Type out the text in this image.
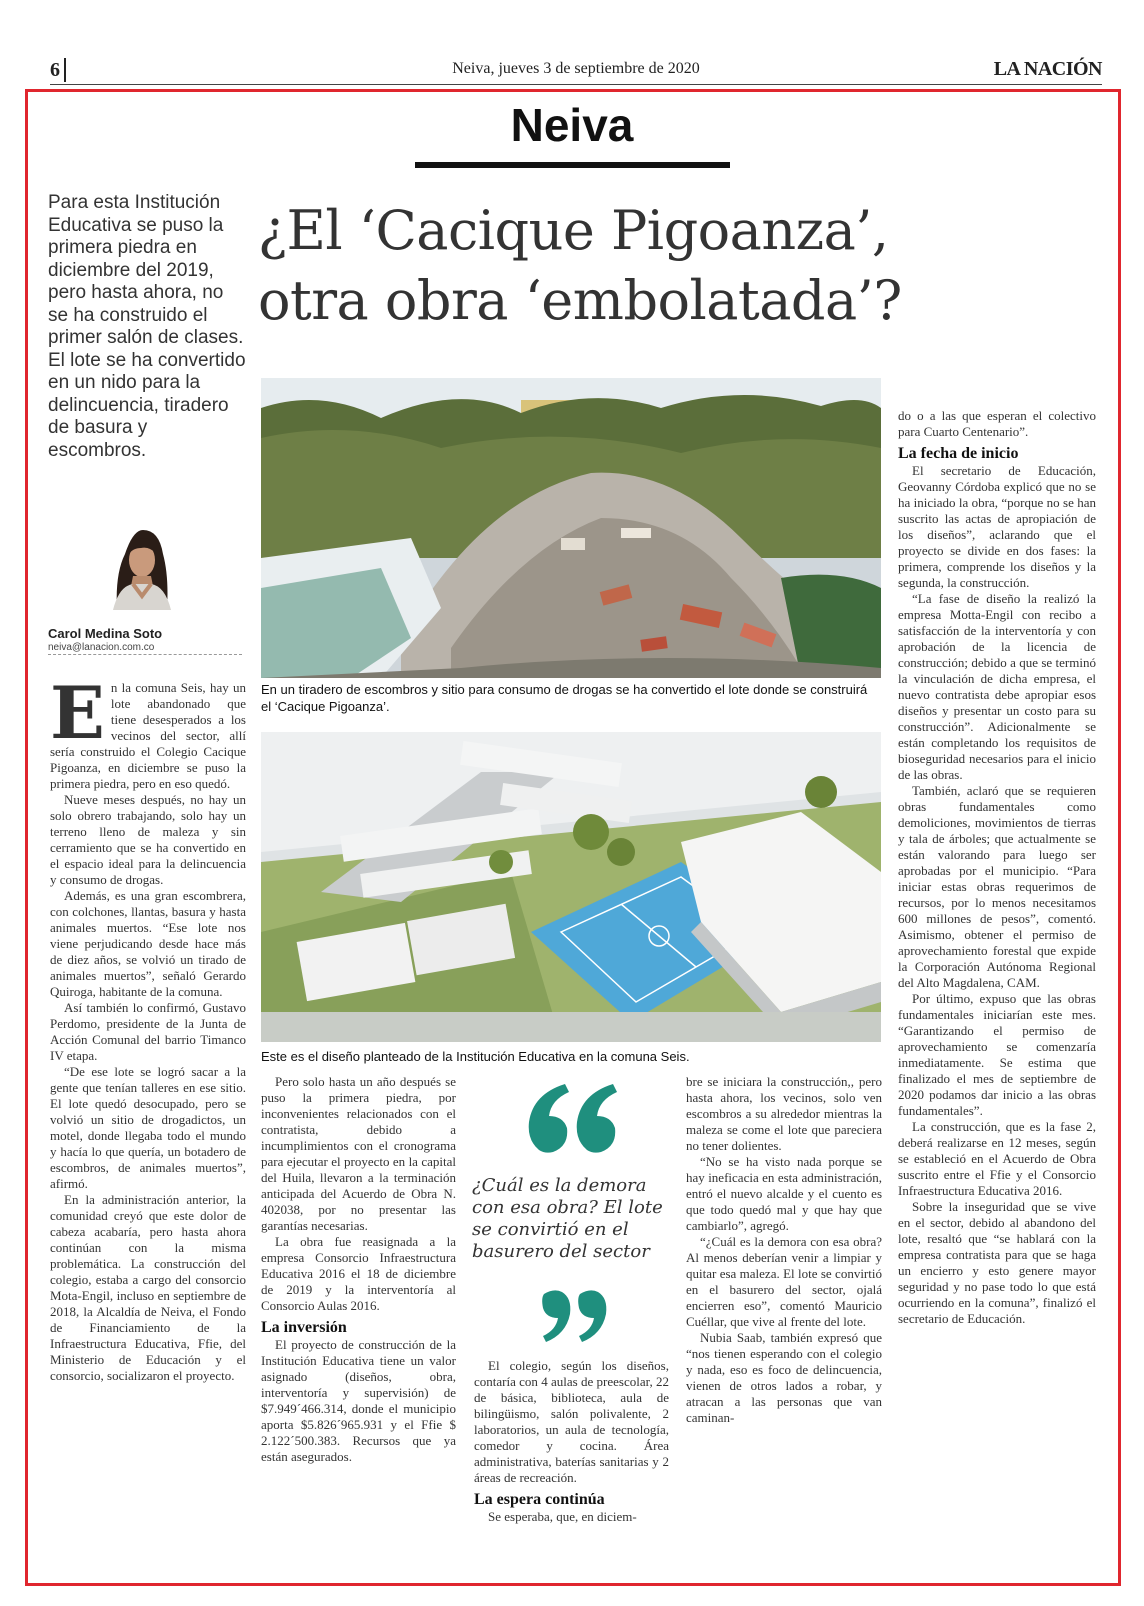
6	Neiva, jueves 3 de septiembre de 2020	LA NACIÓN
Neiva
Para esta Institución Educativa se puso la primera piedra en diciembre del 2019, pero hasta ahora, no se ha construido el primer salón de clases. El lote se ha convertido en un nido para la delincuencia, tiradero de basura y escombros.
Carol Medina Soto
neiva@lanacion.com.co
¿El ‘Cacique Pigoanza’,
otra obra ‘embolatada’?
En un tiradero de escombros y sitio para consumo de drogas se ha convertido el lote donde se construirá el ‘Cacique Pigoanza’.
Este es el diseño planteado de la Institución Educativa en la comuna Seis.
E n la comuna Seis, hay un lote abandonado que tiene desesperados a los vecinos del sector, allí sería construido el Colegio Cacique Pigoanza, en diciembre se puso la primera piedra, pero en eso quedó.

Nueve meses después, no hay un solo obrero trabajando, solo hay un terreno lleno de maleza y sin cerramiento que se ha convertido en el espacio ideal para la delincuencia y consumo de drogas.

Además, es una gran escombrera, con colchones, llantas, basura y hasta animales muertos. “Ese lote nos viene perjudicando desde hace más de diez años, se volvió un tirado de animales muertos”, señaló Gerardo Quiroga, habitante de la comuna.

Así también lo confirmó, Gustavo Perdomo, presidente de la Junta de Acción Comunal del barrio Timanco IV etapa.

“De ese lote se logró sacar a la gente que tenían talleres en ese sitio. El lote quedó desocupado, pero se volvió un sitio de drogadictos, un motel, donde llegaba todo el mundo y hacía lo que quería, un botadero de escombros, de animales muertos”, afirmó.

En la administración anterior, la comunidad creyó que este dolor de cabeza acabaría, pero hasta ahora continúan con la misma problemática. La construcción del colegio, estaba a cargo del consorcio Mota-Engil, incluso en septiembre de 2018, la Alcaldía de Neiva, el Fondo de Financiamiento de la Infraestructura Educativa, Ffie, del Ministerio de Educación y el consorcio, socializaron el proyecto.

Pero solo hasta un año después se puso la primera piedra, por inconvenientes relacionados con el contratista, debido a incumplimientos con el cronograma para ejecutar el proyecto en la capital del Huila, llevaron a la terminación anticipada del Acuerdo de Obra N. 402038, por no presentar las garantías necesarias.

La obra fue reasignada a la empresa Consorcio Infraestructura Educativa 2016 el 18 de diciembre de 2019 y la interventoría al Consorcio Aulas 2016.

La inversión

El proyecto de construcción de la Institución Educativa tiene un valor asignado (diseños, obra, interventoría y supervisión) de $7.949´466.314, donde el municipio aporta $5.826´965.931 y el Ffie $ 2.122´500.383. Recursos que ya están asegurados.

¿Cuál es la demora con esa obra? El lote se convirtió en el basurero del sector

El colegio, según los diseños, contaría con 4 aulas de preescolar, 22 de básica, biblioteca, aula de bilingüismo, salón polivalente, 2 laboratorios, un aula de tecnología, comedor y cocina. Área administrativa, baterías sanitarias y 2 áreas de recreación.

La espera continúa

Se esperaba, que, en diciem-

bre se iniciara la construcción,, pero hasta ahora, los vecinos, solo ven escombros a su alrededor mientras la maleza se come el lote que pareciera no tener dolientes.

“No se ha visto nada porque se hay ineficacia en esta administración, entró el nuevo alcalde y el cuento es que todo quedó mal y que hay que cambiarlo”, agregó.

“¿Cuál es la demora con esa obra? Al menos deberían venir a limpiar y quitar esa maleza. El lote se convirtió en el basurero del sector, ojalá encierren eso”, comentó Mauricio Cuéllar, que vive al frente del lote.

Nubia Saab, también expresó que “nos tienen esperando con el colegio y nada, eso es foco de delincuencia, vienen de otros lados a robar, y atracan a las personas que van caminan-

do o a las que esperan el colectivo para Cuarto Centenario”.

La fecha de inicio

El secretario de Educación, Geovanny Córdoba explicó que no se ha iniciado la obra, “porque no se han suscrito las actas de apropiación de los diseños”, aclarando que el proyecto se divide en dos fases: la primera, comprende los diseños y la segunda, la construcción.

“La fase de diseño la realizó la empresa Motta-Engil con recibo a satisfacción de la interventoría y con aprobación de la licencia de construcción; debido a que se terminó la vinculación de dicha empresa, el nuevo contratista debe apropiar esos diseños y presentar un costo para su construcción”. Adicionalmente se están completando los requisitos de bioseguridad necesarios para el inicio de las obras.

También, aclaró que se requieren obras fundamentales como demoliciones, movimientos de tierras y tala de árboles; que actualmente se están valorando para luego ser aprobadas por el municipio. “Para iniciar estas obras requerimos de recursos, por lo menos necesitamos 600 millones de pesos”, comentó. Asimismo, obtener el permiso de aprovechamiento forestal que expide la Corporación Autónoma Regional del Alto Magdalena, CAM.

Por último, expuso que las obras fundamentales iniciarían este mes. “Garantizando el permiso de aprovechamiento se comenzaría inmediatamente. Se estima que finalizado el mes de septiembre de 2020 podamos dar inicio a las obras fundamentales”.

La construcción, que es la fase 2, deberá realizarse en 12 meses, según se estableció en el Acuerdo de Obra suscrito entre el Ffie y el Consorcio Infraestructura Educativa 2016.

Sobre la inseguridad que se vive en el sector, debido al abandono del lote, resaltó que “se hablará con la empresa contratista para que se haga un encierro y esto genere mayor seguridad y no pase todo lo que está ocurriendo en la comuna”, finalizó el secretario de Educación.
